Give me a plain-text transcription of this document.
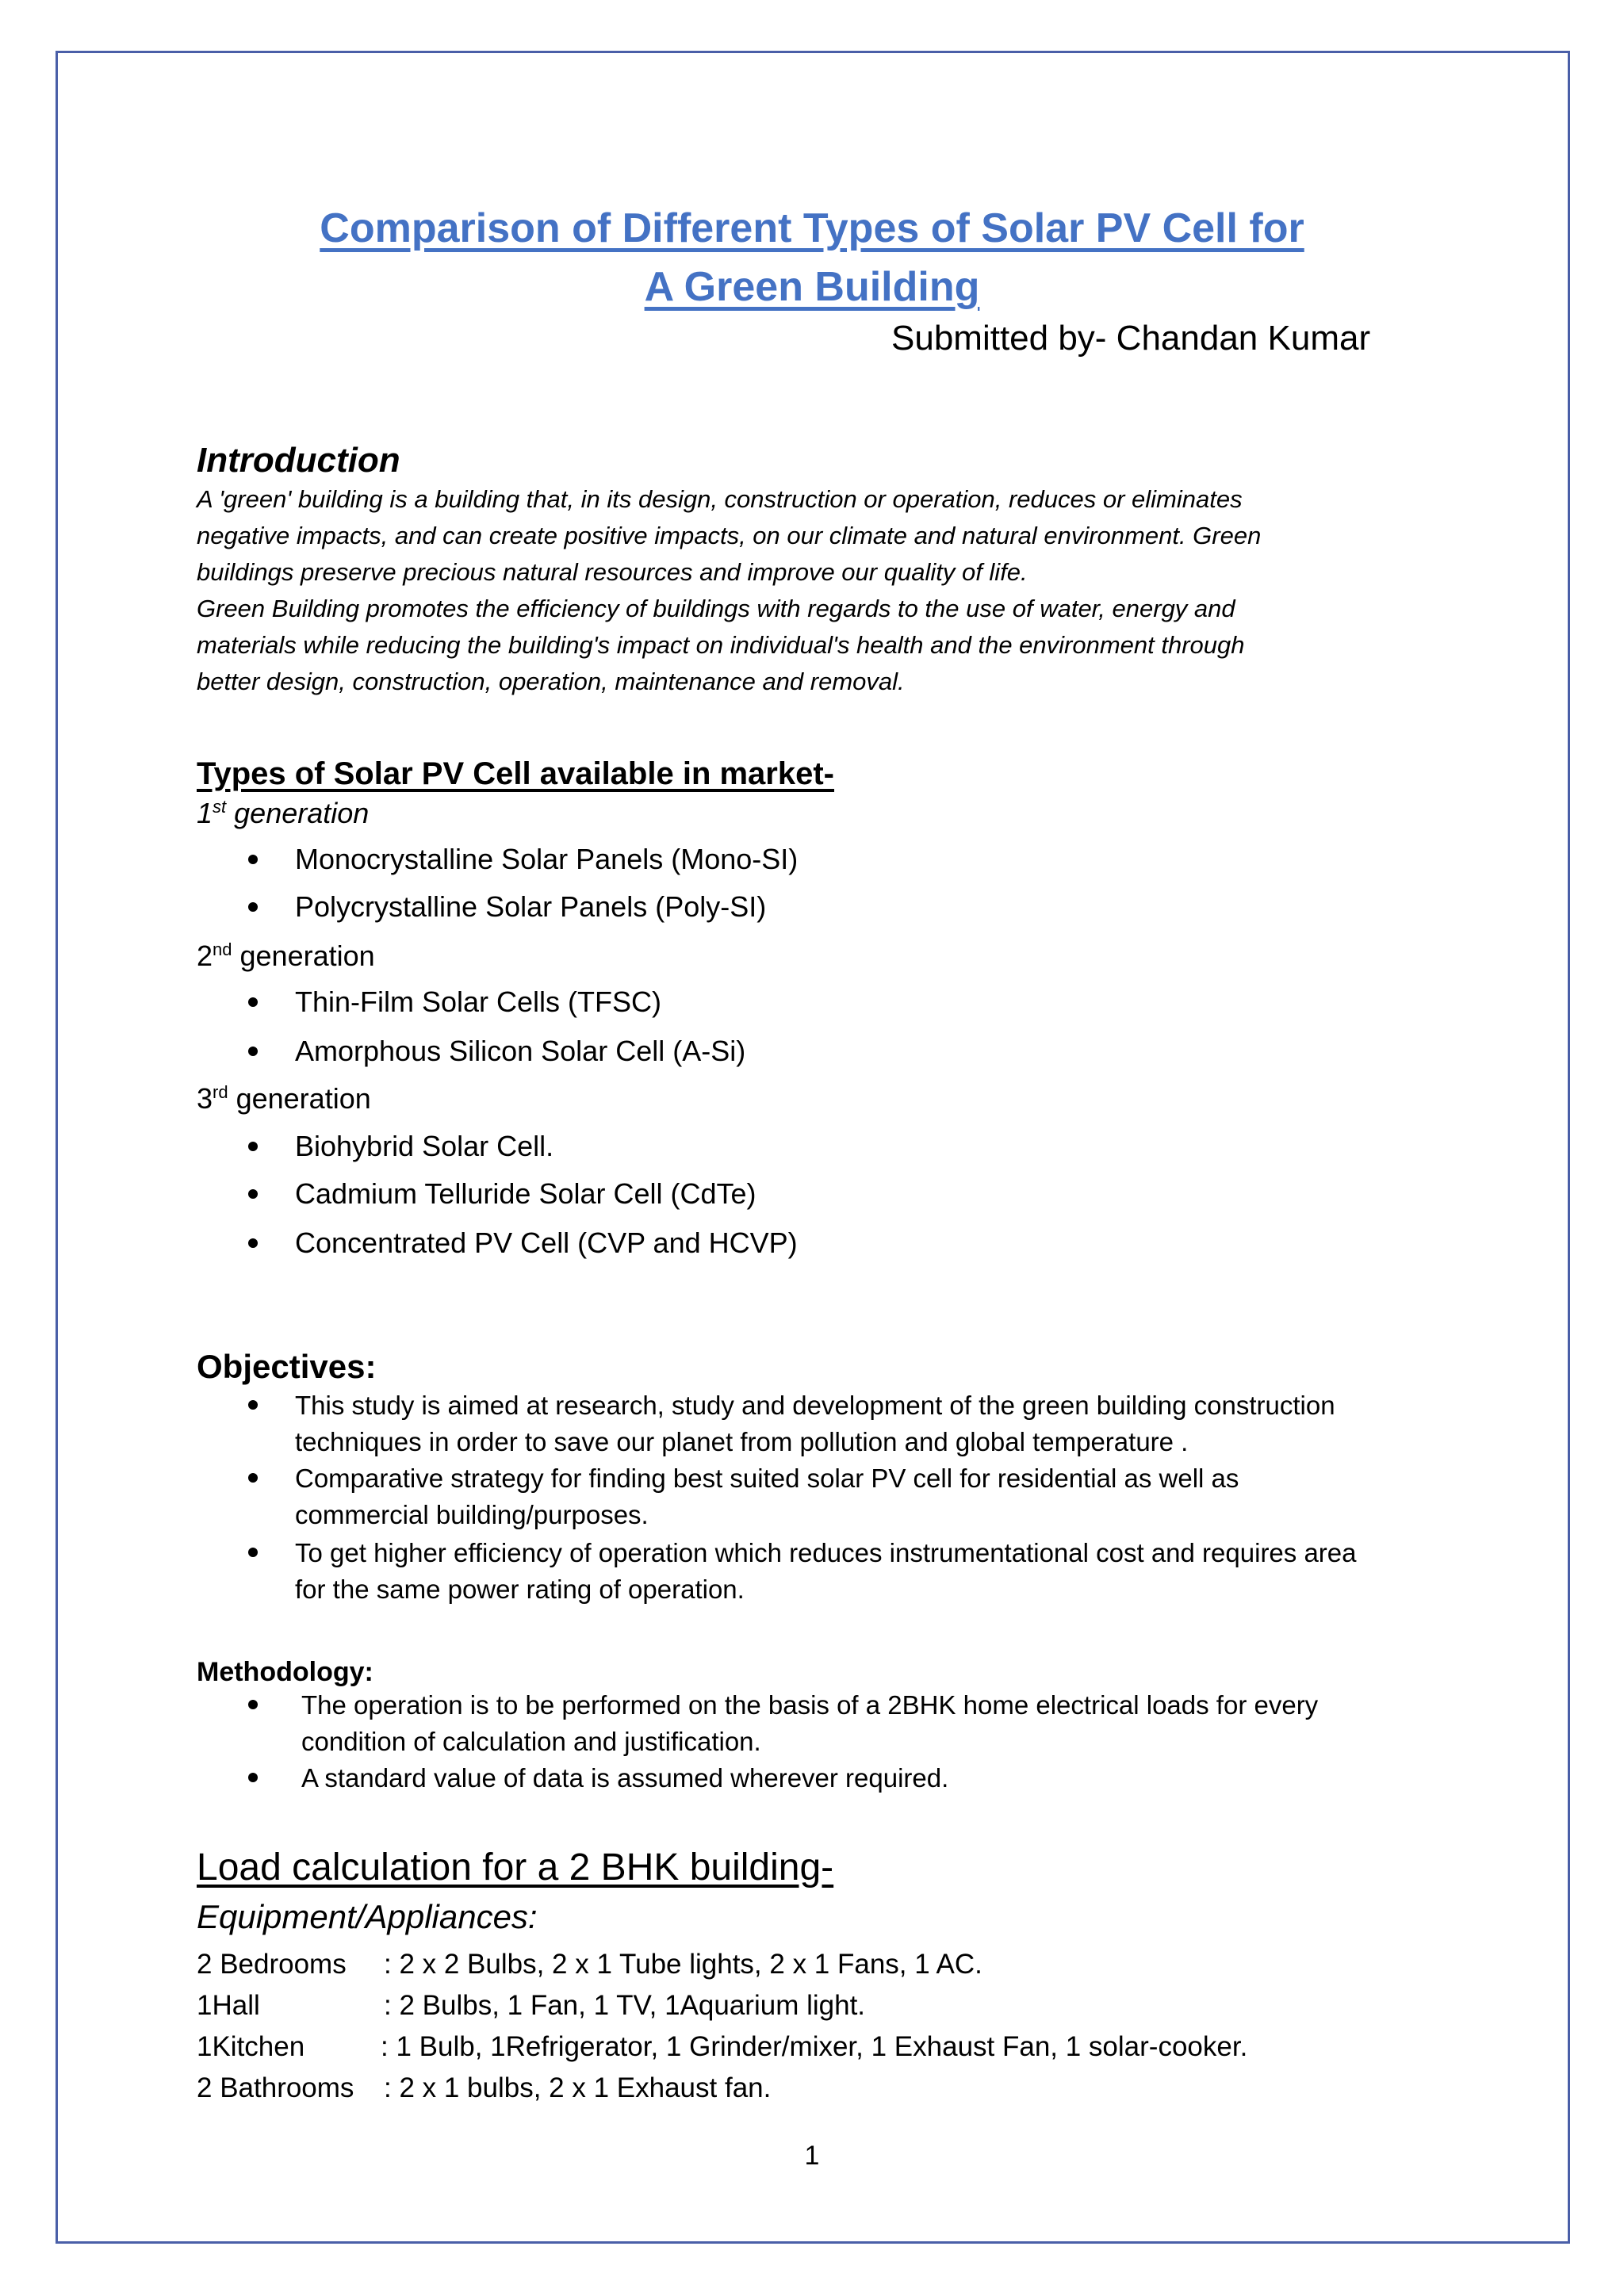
Comparison of Different Types of Solar PV Cell for
A Green Building
Submitted by- Chandan Kumar
Introduction
A 'green' building is a building that, in its design, construction or operation, reduces or eliminates
negative impacts, and can create positive impacts, on our climate and natural environment. Green
buildings preserve precious natural resources and improve our quality of life.
Green Building promotes the efficiency of buildings with regards to the use of water, energy and
materials while reducing the building's impact on individual's health and the environment through
better design, construction, operation, maintenance and removal.
Types of Solar PV Cell available in market-
1st generation
Monocrystalline Solar Panels (Mono-SI)
Polycrystalline Solar Panels (Poly-SI)
2nd generation
Thin-Film Solar Cells (TFSC)
Amorphous Silicon Solar Cell (A-Si)
3rd generation
Biohybrid Solar Cell.
Cadmium Telluride Solar Cell (CdTe)
Concentrated PV Cell (CVP and HCVP)
Objectives:
This study is aimed at research, study and development of the green building construction
techniques in order to save our planet from pollution and global temperature .
Comparative strategy for finding best suited solar PV cell for residential as well as
commercial building/purposes.
To get higher efficiency of operation which reduces instrumentational cost and requires area
for the same power rating of operation.
Methodology:
The operation is to be performed on the basis of a 2BHK home electrical loads for every
condition of calculation and justification.
A standard value of data is assumed wherever required.
Load calculation for a 2 BHK building-
Equipment/Appliances:
2 Bedrooms : 2 x 2 Bulbs, 2 x 1 Tube lights, 2 x 1 Fans, 1 AC.
1Hall	: 2 Bulbs, 1 Fan, 1 TV, 1Aquarium light.
1Kitchen	: 1 Bulb, 1Refrigerator, 1 Grinder/mixer, 1 Exhaust Fan, 1 solar-cooker.
2 Bathrooms : 2 x 1 bulbs, 2 x 1 Exhaust fan.
1
